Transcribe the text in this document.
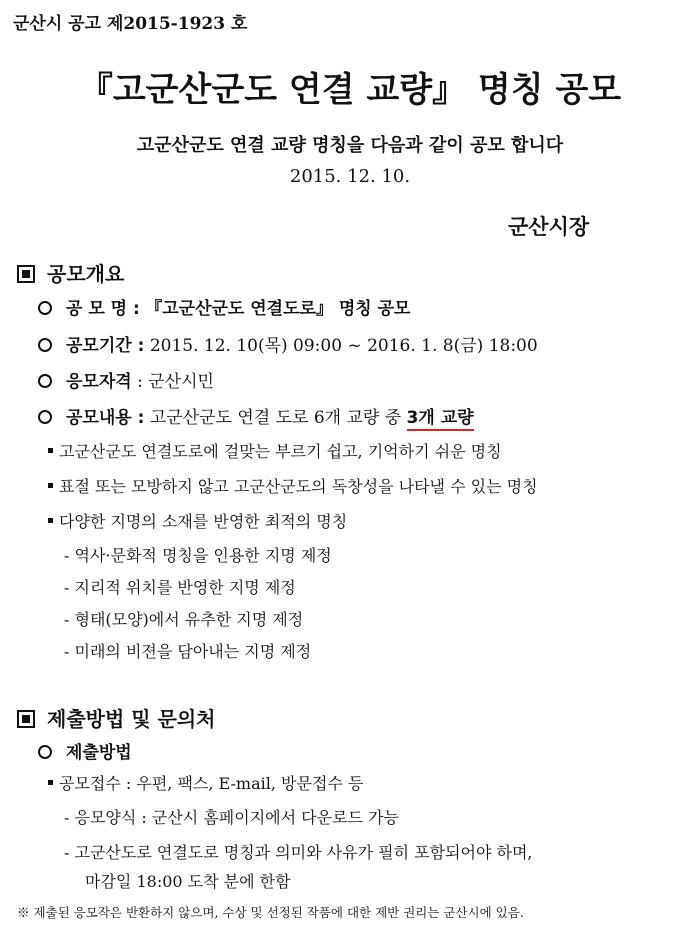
군산시 공고 제2015-1923 호
『고군산군도 연결 교량』 명칭 공모
고군산군도 연결 교량 명칭을 다음과 같이 공모 합니다
2015. 12. 10.
군산시장
공모개요
공 모 명 : 『고군산군도 연결도로』 명칭 공모
공모기간 : 2015. 12. 10(목) 09:00 ~ 2016. 1. 8(금) 18:00
응모자격 : 군산시민
공모내용 : 고군산군도 연결 도로 6개 교량 중 3개 교량
고군산군도 연결도로에 걸맞는 부르기 쉽고, 기억하기 쉬운 명칭
표절 또는 모방하지 않고 고군산군도의 독창성을 나타낼 수 있는 명칭
다양한 지명의 소재를 반영한 최적의 명칭
- 역사·문화적 명칭을 인용한 지명 제정
- 지리적 위치를 반영한 지명 제정
- 형태(모양)에서 유추한 지명 제정
- 미래의 비젼을 담아내는 지명 제정
제출방법 및 문의처
제출방법
공모접수 : 우편, 팩스, E-mail, 방문접수 등
- 응모양식 : 군산시 홈페이지에서 다운로드 가능
- 고군산도로 연결도로 명칭과 의미와 사유가 필히 포함되어야 하며,
마감일 18:00 도착 분에 한함
※ 제출된 응모작은 반환하지 않으며, 수상 및 선정된 작품에 대한 제반 권리는 군산시에 있음.
